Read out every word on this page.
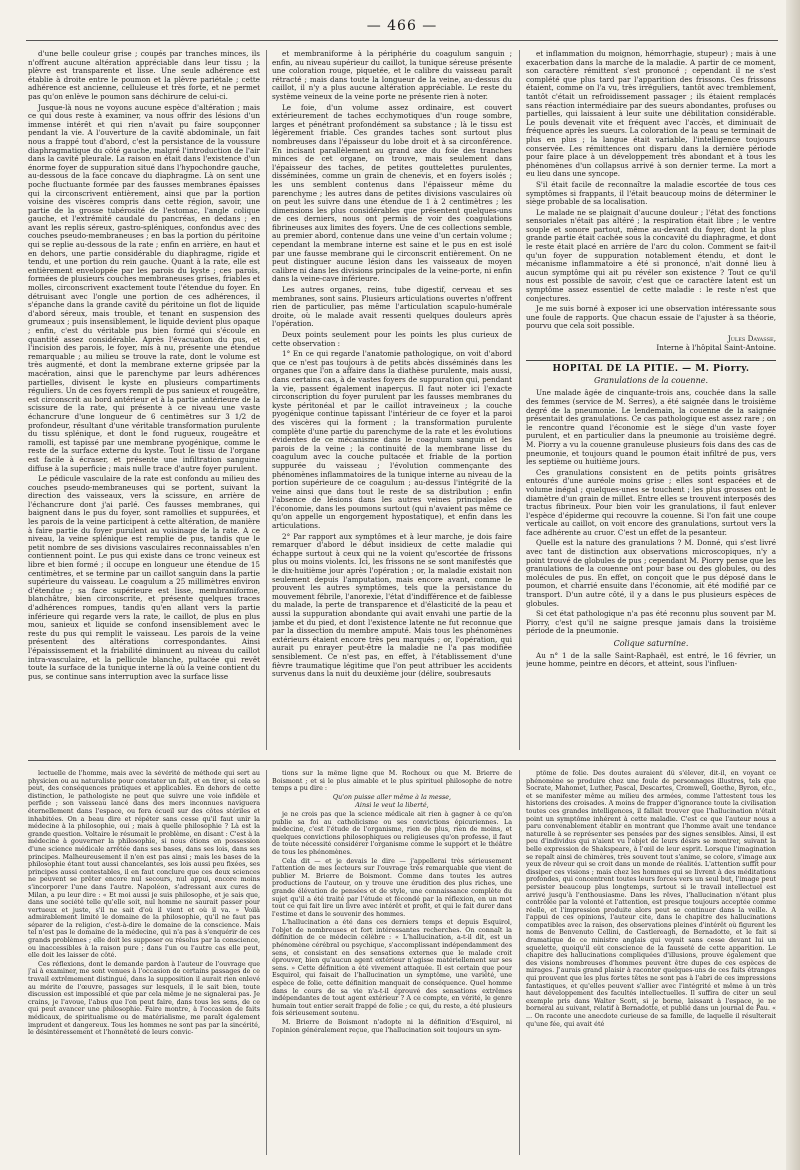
— 466 —

d'une belle couleur grise ; coupés par tranches minces, ils n'offrent aucune altération appréciable dans leur tissu ; la plèvre est transparente et lisse. Une seule adhérence est établie à droite entre le poumon et la plèvre pariétale ; cette adhérence est ancienne, celluleuse et très forte, et ne permet pas qu'on enlève le poumon sans déchirure de celui-ci.

Jusque-là nous ne voyons aucune espèce d'altération ; mais ce qui dous reste à examiner, va nous offrir des lésions d'un immense intérêt et qui rien n'avait pu faire soupçonner pendant la vie. A l'ouverture de la cavité abdominale, un fait nous a frappé tout d'abord, c'est la persistance de la voussure diaphragmatique du côté gauche, malgré l'introduction de l'air dans la cavité pleurale. La raison en était dans l'existence d'un énorme foyer de suppuration situé dans l'hypochondre gauche, au-dessous de la face concave du diaphragme. Là on sent une poche fluctuante formée par des fausses membranes épaisses qui la circonscrivent entièrement, ainsi que par la portion voisine des viscères compris dans cette région, savoir, une partie de la grosse tubérosité de l'estomac, l'angle colique gauche, et l'extrémité caudale du pancréas, en dedans ; en avant les replis séreux, gastro-spléniques, confondus avec des couches pseudo-membraneuses ; en bas la portion du péritoine qui se replie au-dessous de la rate ; enfin en arrière, en haut et en dehors, une partie considérable du diaphragme, rigide et tendu, et une portion du rein gauche. Quant à la rate, elle est entièrement enveloppée par les parois du kyste ; ces parois, formées de plusieurs couches membraneuses grises, friables et molles, circonscrivent exactement toute l'étendue du foyer. En détruisant avec l'ongle une portion de ces adhérences, il s'épanche dans la grande cavité du péritoine un flot de liquide d'abord séreux, mais trouble, et tenant en suspension des grumeaux ; puis insensiblement, le liquide devient plus opaque ; enfin, c'est du véritable pus bien formé qui s'écoule en quantité assez considérable. Après l'évacuation du pus, et l'incision des parois, le foyer, mis à nu, présente une étendue remarquable ; au milieu se trouve la rate, dont le volume est très augmenté, et dont la membrane externe gripsée par la macération, ainsi que le parenchyme par leurs adhérences partielles, divisent le kyste en plusieurs compartiments réguliers. Un de ces foyers rempli de pus sanieux et rougeâtre, est circonscrit au bord antérieur et à la partie antérieure de la scissure de la rate, qui présente à ce niveau une vaste échancrure d'une longueur de 6 centimètres sur 3 1/2 de profondeur, résultant d'une véritable transformation purulente du tissu splénique, et dont le fond rugueux, rougeâtre et ramolli, est tapissé par une membrane pyogénique, comme le reste de la surface externe du kyste. Tout le tissu de l'organe est facile à écraser, et présente une infiltration sanguine diffuse à la superficie ; mais nulle trace d'autre foyer purulent.

Le pédicule vasculaire de la rate est confondu au milieu des couches pseudo-membraneuses qui se portent, suivant la direction des vaisseaux, vers la scissure, en arrière de l'échancrure dont j'ai parlé. Ces fausses membranes, qui baignent dans le pus du foyer, sont ramollies et suppurées, et les parois de la veine participent à cette altération, de manière à faire partie du foyer purulent au voisinage de la rate. A ce niveau, la veine splénique est remplie de pus, tandis que le petit nombre de ses divisions vasculaires reconnaissables n'en contiennent point. Le pus qui existe dans ce tronc veineux est libre et bien formé ; il occupe en longueur une étendue de 15 centimètres, et se termine par un caillot sanguin dans la partie supérieure du vaisseau. Le coagulum a 25 millimètres environ d'étendue ; sa face supérieure est lisse, membraniforme, blanchâtre, bien circonscrite, et présente quelques traces d'adhérences rompues, tandis qu'en allant vers la partie inférieure qui regarde vers la rate, le caillot, de plus en plus mou, sanieux et liquide se confond insensiblement avec le reste du pus qui remplit le vaisseau. Les parois de la veine présentent des altérations correspondantes. Ainsi l'épaississement et la friabilité diminuent au niveau du caillot intra-vasculaire, et la pellicule blanche, pultacée qui revêt toute la surface de la tunique interne là où la veine contient du pus, se continue sans interruption avec la surface lisse

et membraniforme à la périphérie du coagulum sanguin ; enfin, au niveau supérieur du caillot, la tunique séreuse présente une coloration rouge, piquetée, et le calibre du vaisseau paraît rétracté ; mais dans toute la longueur de la veine, au-dessus du caillot, il n'y a plus aucune altération appréciable. Le reste du système veineux de la veine porte ne présente rien à noter.

Le foie, d'un volume assez ordinaire, est couvert extérieurement de taches ecchymotiques d'un rouge sombre, larges et pénétrant profondément sa substance ; là le tissu est légèrement friable. Ces grandes taches sont surtout plus nombreuses dans l'épaisseur du lobe droit et à sa circonférence. En incisant parallèlement au grand axe du foie des tranches minces de cet organe, on trouve, mais seulement dans l'épaisseur des taches, de petites gouttelettes purulentes, disséminées, comme un grain de chenevis, et en foyers isolés ; les uns semblent contenus dans l'épaisseur même du parenchyme ; les autres dans de petites divisions vasculaires où on peut les suivre dans une étendue de 1 à 2 centimètres ; les dimensions les plus considérables que présentent quelques-uns de ces derniers, nous ont permis de voir des coagulations fibrineuses aux limites des foyers. Une de ces collections semble, au premier abord, contenue dans une veine d'un certain volume ; cependant la membrane interne est saine et le pus en est isolé par une fausse membrane qui le circonscrit entièrement. On ne peut distinguer aucune lésion dans les vaisseaux de moyen calibre ni dans les divisions principales de la veine-porte, ni enfin dans la veine-cave inférieure.

Les autres organes, reins, tube digestif, cerveau et ses membranes, sont sains. Plusieurs articulations ouvertes n'offrent rien de particulier, pas même l'articulation scapulo-humérale droite, où le malade avait ressenti quelques douleurs après l'opération.

Deux points seulement pour les points les plus curieux de cette observation :

1° En ce qui regarde l'anatomie pathologique, on voit d'abord que ce n'est pas toujours à de petits abcès disséminés dans les organes que l'on a affaire dans la diathèse purulente, mais aussi, dans certains cas, à de vastes foyers de suppuration qui, pendant la vie, passent également inaperçus. Il faut noter ici l'exacte circonscription du foyer purulent par les fausses membranes du kyste péritonéal et par le caillot intraveineux ; la couche pyogénique continue tapissant l'intérieur de ce foyer et la paroi des viscères qui la forment ; la transformation purulente complète d'une partie du parenchyme de la rate et les évolutions évidentes de ce mécanisme dans le coagulum sanguin et les parois de la veine ; la continuité de la membrane lisse du coagulum avec la couche pultacée et friable de la portion suppurée du vaisseau ; l'évolution commençante des phénomènes inflammatoires de la tunique interne au niveau de la portion supérieure de ce coagulum ; au-dessus l'intégrité de la veine ainsi que dans tout le reste de sa distribution ; enfin l'absence de lésions dans les autres veines principales de l'économie, dans les poumons surtout (qui n'avaient pas même ce qu'on appelle un engorgement hypostatique), et enfin dans les articulations.

2° Par rapport aux symptômes et à leur marche, je dois faire remarquer d'abord le début insidieux de cette maladie qui échappe surtout à ceux qui ne la voient qu'escortée de frissons plus ou moins violents. Ici, les frissons ne se sont manifestés que le dix-huitième jour après l'opération ; or, la maladie existait non seulement depuis l'amputation, mais encore avant, comme le prouvent les autres symptômes, tels que la persistance du mouvement fébrile, l'anorexie, l'état d'indifférence et de faiblesse du malade, la perte de transparence et d'élasticité de la peau et aussi la suppuration abondante qui avait envahi une partie de la jambe et du pied, et dont l'existence latente ne fut reconnue que par la dissection du membre amputé. Mais tous les phénomènes extérieurs étaient encore très peu marqués ; or, l'opération, qui aurait pu enrayer peut-être la maladie ne l'a pas modifiée sensiblement. Ce n'est pas, en effet, à l'établissement d'une fièvre traumatique légitime que l'on peut attribuer les accidents survenus dans la nuit du deuxième jour (délire, soubresauts

et inflammation du moignon, hémorrhagie, stupeur) ; mais à une exacerbation dans la marche de la maladie. A partir de ce moment, son caractère rémittent s'est prononcé ; cependant il ne s'est complété que plus tard par l'apparition des frissons. Ces frissons étaient, comme on l'a vu, très irréguliers, tantôt avec tremblement, tantôt c'était un refroidissement passager ; ils étaient remplacés sans réaction intermédiaire par des sueurs abondantes, profuses ou partielles, qui laissaient à leur suite une débilitation considérable. Le pouls devenait vite et fréquent avec l'accès, et diminuait de fréquence après les sueurs. La coloration de la peau se terminait de plus en plus ; la langue était variable, l'intelligence toujours conservée. Les rémittences ont disparu dans la dernière période pour faire place à un développement très abondant et à tous les phénomènes d'un collapsus arrivé à son dernier terme. La mort a eu lieu dans une syncope.

S'il était facile de reconnaître la maladie escortée de tous ces symptômes si frappants, il l'était beaucoup moins de déterminer le siège probable de sa localisation.

Le malade ne se plaignait d'aucune douleur ; l'état des fonctions sensoriales n'était pas altéré ; la respiration était libre ; le ventre souple et sonore partout, même au-devant du foyer, dont la plus grande partie était cachée sous la concavité du diaphragme, et dont le reste était placé en arrière de l'arc du colon. Comment se fait-il qu'un foyer de suppuration notablement étendu, et dont le mécanisme inflammatoire a été si prononcé, n'ait donné lieu à aucun symptôme qui ait pu révéler son existence ? Tout ce qu'il nous est possible de savoir, c'est que ce caractère latent est un symptôme assez essentiel de cette maladie : le reste n'est que conjectures.

Je me suis borné à exposer ici une observation intéressante sous une foule de rapports. Que chacun essaie de l'ajuster à sa théorie, pourvu que cela soit possible.

Jules Dayasse,
Interne à l'hôpital Saint-Antoine.
HOPITAL DE LA PITIE. — M. Piorry.
Granulations de la couenne.

Une malade âgée de cinquante-trois ans, couchée dans la salle des femmes (service de M. Serres), a été saignée dans le troisième degré de la pneumonie. Le lendemain, la couenne de la saignée présentait des granulations. Ce cas pathologique est assez rare ; on le rencontre quand l'économie est le siège d'un vaste foyer purulent, et en particulier dans la pneumonie au troisième degré. M. Piorry a vu la couenne granuleuse plusieurs fois dans des cas de pneumonie, et toujours quand le poumon était infiltré de pus, vers les septième ou huitième jours.

Ces granulations consistent en de petits points grisâtres entourés d'une auréole moins grise ; elles sont espacées et de volume inégal ; quelques-unes se touchent ; les plus grosses ont le diamètre d'un grain de millet. Entre elles se trouvent interposés des tractus fibrineux. Pour bien voir les granulations, il faut enlever l'espèce d'épiderme qui recouvre la couenne. Si l'on fait une coupe verticale au caillot, on voit encore des granulations, surtout vers la face adhérente au cruor. C'est un effet de la pesanteur.

Quelle est la nature des granulations ? M. Donné, qui s'est livré avec tant de distinction aux observations microscopiques, n'y a point trouvé de globules de pus ; cependant M. Piorry pense que les granulations de la couenne ont pour base ou des globules, ou des molécules de pus. En effet, on conçoit que le pus déposé dans le poumon, et charrié ensuite dans l'économie, ait été modifié par ce transport. D'un autre côté, il y a dans le pus plusieurs espèces de globules.

Si cet état pathologique n'a pas été reconnu plus souvent par M. Piorry, c'est qu'il ne saigne presque jamais dans la troisième période de la pneumonie.

Colique saturnine.

Au n° 1 de la salle Saint-Raphaël, est entré, le 16 février, un jeune homme, peintre en décors, et atteint, sous l'influen-

lectuelle de l'homme, mais avec la sévérité de méthode qui sert au physicien ou au naturaliste pour constater un fait, et en tirer, si cela se peut, des conséquences pratiques et applicables. En dehors de cette distinction, le pathologiste ne peut que suivre une voie infidèle et perfide ; son vaisseau lancé dans des mers inconnues naviguera éternellement dans l'espace, ou fera écueil sur des côtes stériles et inhabitées. On a beau dire et répéter sans cesse qu'il faut unir la médecine à la philosophie, oui ; mais à quelle philosophie ? Là est la grande question. Voltaire le résumait le problème, en disant : C'est à la médecine à gouverner la philosophie, si nous étions en possession d'une science médicale arrêtée dans ses bases, dans ses lois, dans ses principes. Malheureusement il n'en est pas ainsi ; mais les bases de la philosophie étant tout aussi chancelantes, ses lois aussi peu fixées, ses principes aussi contestables, il en faut conclure que ces deux sciences ne peuvent se prêter encore nul secours, nul appui, encore moins s'incorporer l'une dans l'autre. Napoléon, s'adressant aux cures de Milan, a pu leur dire : « Et moi aussi je suis philosophe, et je sais que, dans une société telle qu'elle soit, nul homme ne saurait passer pour vertueux et juste, s'il ne sait d'où il vient et où il va. » Voilà admirablement limité le domaine de la philosophie, qu'il ne faut pas séparer de la religion, c'est-à-dire le domaine de la conscience. Mais tel n'est pas le domaine de la médecine, qui n'a pas à s'enquérir de ces grands problèmes ; elle doit les supposer ou résolus par la conscience, ou inaccessibles à la raison pure ; dans l'un ou l'autre cas elle peut, elle doit les laisser de côté.

Ces réflexions, dont le demande pardon à l'auteur de l'ouvrage que j'ai à examiner, me sont venues à l'occasion de certains passages de ce travail extrêmement distingué, dans la supposition il aurait rien enlevé au mérite de l'œuvre, passages sur lesquels, il le sait bien, toute discussion est impossible et que par cela même je ne signalerai pas. Je crains, je l'avoue, l'abus que l'on peut faire, dans tous les sens, de ce qui peut avancer une philosophie. Faire montre, à l'occasion de faits médicaux, de spiritualisme ou de matérialisme, me paraît également imprudent et dangereux. Tous les hommes ne sont pas par la sincérité, le désintéressement et l'honnêteté de leurs convic-

tions sur la même ligne que M. Rochoux ou que M. Brierre de Boismont ; et si le plus aimable et le plus spirituel philosophe de notre temps a pu dire :

Qu'on puisse aller même à la messe,

Ainsi le veut la liberté,

je ne crois pas que la science médicale ait rien à gagner à ce qu'on publie sa foi au catholicisme ou ses convictions épicuriennes. La médecine, c'est l'étude de l'organisme, rien de plus, rien de moins, et quelques convictions philosophiques ou religieuses qu'on professe, il faut de toute nécessité considérer l'organisme comme le support et le théâtre de tous les phénomènes.

Cela dit — et je devais le dire — j'appellerai très sérieusement l'attention de mes lecteurs sur l'ouvrage très remarquable que vient de publier M. Brierre de Boismont. Comme dans toutes les autres productions de l'auteur, on y trouve une érudition des plus riches, une grande élévation de pensées et de style, une connaissance complète du sujet qu'il a été traité par l'étude et fécondé par la réflexion, en un mot tout ce qui fait lire un livre avec intérêt et profit, et qui le fait durer dans l'estime et dans le souvenir des hommes.

L'hallucination a été dans ces derniers temps et depuis Esquirol, l'objet de nombreuses et fort intéressantes recherches. On connaît la définition de ce médecin célèbre : « L'hallucination, a-t-il dit, est un phénomène cérébral ou psychique, s'accomplissant indépendamment des sens, et consistant en des sensations externes que le malade croit éprouver, bien qu'aucun agent extérieur n'agisse matériellement sur ses sens. » Cette définition a été vivement attaquée. Il est certain que pour Esquirol, qui faisait de l'hallucination un symptôme, une variété, une espèce de folie, cette définition manquait de conséquence. Quel homme dans le cours de sa vie n'a-t-il éprouvé des sensations extrêmes indépendantes de tout agent extérieur ? A ce compte, en vérité, le genre humain tout entier serait frappé de folie ; ce qui, du reste, a été plusieurs fois sérieusement soutenu.

M. Brierre de Boismont n'adopte ni la définition d'Esquirol, ni l'opinion généralement reçue, que l'hallucination soit toujours un sym-

ptôme de folie. Des doutes auraient dû s'élever, dit-il, en voyant ce phénomène se produire chez une foule de personnages illustres, tels que Socrate, Mahomet, Luther, Pascal, Descartes, Cromwell, Goethe, Byron, etc., et se manifester même au milieu des armées, comme l'attestent tous les historiens des croisades. A moins de frapper d'ignorance toute la civilisation toutes ces grandes intelligences, il fallait trouver que l'hallucination n'était point un symptôme inhérent à cette maladie. C'est ce que l'auteur nous a paru convenablement établir en montrant que l'homme avait une tendance naturelle à se représenter ses pensées par des signes sensibles. Ainsi, il est peu d'individus qui n'aient vu l'objet de leurs désirs se montrer, suivant la belle expression de Shakspeare, à l'œil de leur esprit. Lorsque l'imagination se repaît ainsi de chimères, très souvent tout s'anime, se colore, s'image aux yeux de rêveur qui se croit dans un monde de réalités. L'attention suffit pour dissiper ces visions ; mais chez les hommes qui se livrent à des méditations profondes, qui concentrent toutes leurs forces vers un seul but, l'image peut persister beaucoup plus longtemps, surtout si le travail intellectuel est arrivé jusqu'à l'enthousiasme. Dans les rêves, l'hallucination n'étant plus contrôlée par la volonté et l'attention, est presque toujours acceptée comme réelle, et l'impression produite alors peut se continuer dans la veille. A l'appui de ces opinions, l'auteur cite, dans le chapitre des hallucinations compatibles avec la raison, des observations pleines d'intérêt où figurent les noms de Benvenuto Cellini, de Castlereagh, de Bernadotte, et le fait si dramatique de ce ministre anglais qui voyait sans cesse devant lui un squelette, quoiqu'il eût conscience de la fausseté de cette apparition. Le chapitre des hallucinations compliquées d'illusions, prouve également que des visions nombreuses d'hommes peuvent être dupes de ces espèces de mirages. J'aurais grand plaisir à raconter quelques-uns de ces faits étranges qui prouvent que les plus fortes têtes ne sont pas à l'abri de ces impressions fantastiques, et qu'elles peuvent s'allier avec l'intégrité et même à un très haut développement des facultés intellectuelles. Il suffira de citer un seul exemple pris dans Walter Scott, si je borne, laissant à l'espace, je ne borneral au suivant, relatif à Bernadotte, et publié dans un journal de Pau. « ... On raconte une anecdote curieuse de sa famille, de laquelle il résulterait qu'une fée, qui avait été
